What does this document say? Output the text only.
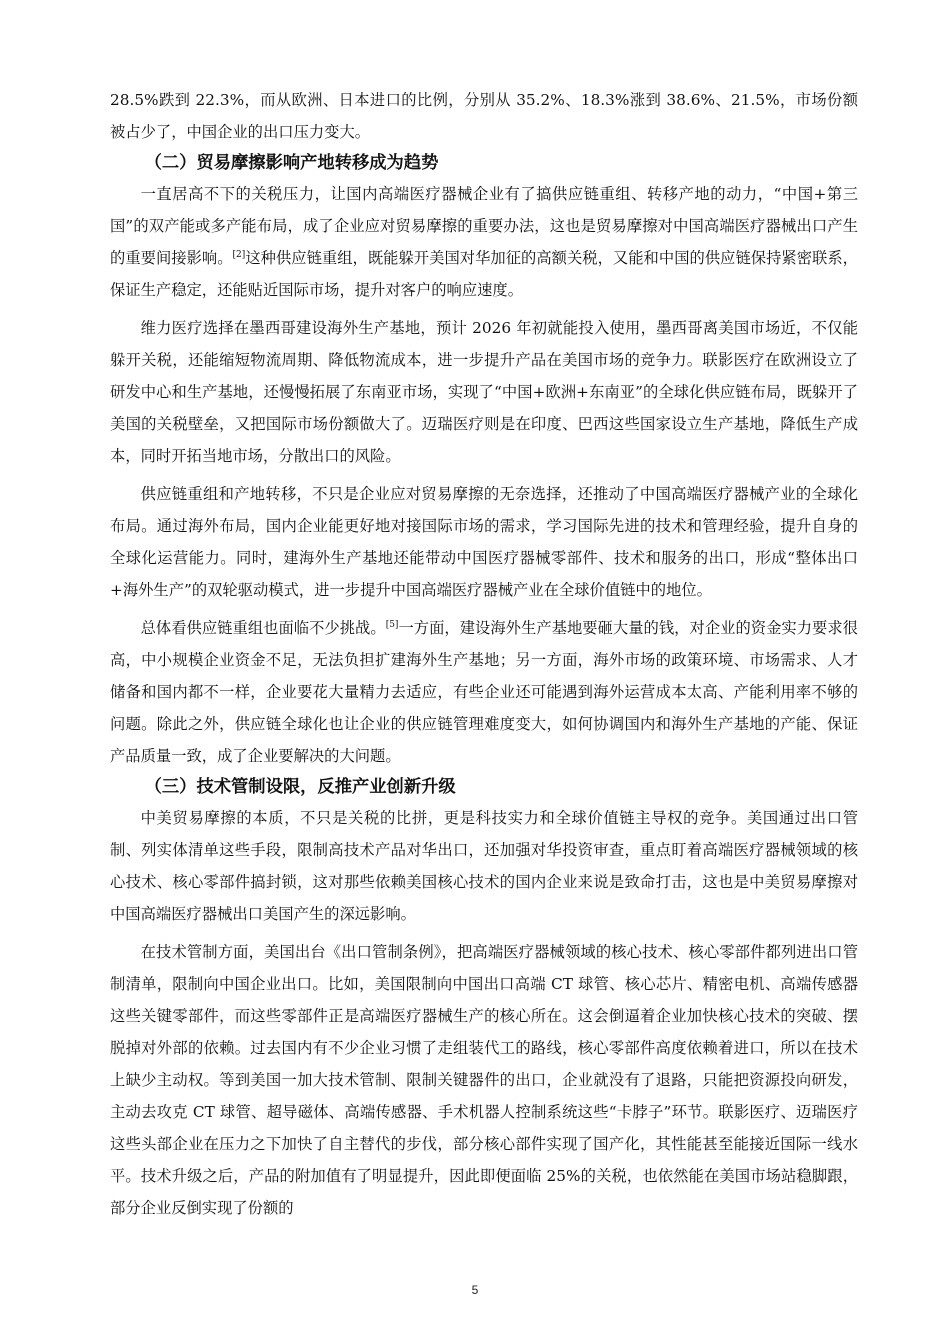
28.5%跌到 22.3%，而从欧洲、日本进口的比例，分别从 35.2%、18.3%涨到 38.6%、21.5%，市场份额被占少了，中国企业的出口压力变大。

（二）贸易摩擦影响产地转移成为趋势

一直居高不下的关税压力，让国内高端医疗器械企业有了搞供应链重组、转移产地的动力，“中国+第三国”的双产能或多产能布局，成了企业应对贸易摩擦的重要办法，这也是贸易摩擦对中国高端医疗器械出口产生的重要间接影响。[2]这种供应链重组，既能躲开美国对华加征的高额关税，又能和中国的供应链保持紧密联系，保证生产稳定，还能贴近国际市场，提升对客户的响应速度。

维力医疗选择在墨西哥建设海外生产基地，预计 2026 年初就能投入使用，墨西哥离美国市场近，不仅能躲开关税，还能缩短物流周期、降低物流成本，进一步提升产品在美国市场的竞争力。联影医疗在欧洲设立了研发中心和生产基地，还慢慢拓展了东南亚市场，实现了“中国+欧洲+东南亚”的全球化供应链布局，既躲开了美国的关税壁垒，又把国际市场份额做大了。迈瑞医疗则是在印度、巴西这些国家设立生产基地，降低生产成本，同时开拓当地市场，分散出口的风险。

供应链重组和产地转移，不只是企业应对贸易摩擦的无奈选择，还推动了中国高端医疗器械产业的全球化布局。通过海外布局，国内企业能更好地对接国际市场的需求，学习国际先进的技术和管理经验，提升自身的全球化运营能力。同时，建海外生产基地还能带动中国医疗器械零部件、技术和服务的出口，形成“整体出口+海外生产”的双轮驱动模式，进一步提升中国高端医疗器械产业在全球价值链中的地位。

总体看供应链重组也面临不少挑战。[5]一方面，建设海外生产基地要砸大量的钱，对企业的资金实力要求很高，中小规模企业资金不足，无法负担扩建海外生产基地；另一方面，海外市场的政策环境、市场需求、人才储备和国内都不一样，企业要花大量精力去适应，有些企业还可能遇到海外运营成本太高、产能利用率不够的问题。除此之外，供应链全球化也让企业的供应链管理难度变大，如何协调国内和海外生产基地的产能、保证产品质量一致，成了企业要解决的大问题。

（三）技术管制设限，反推产业创新升级

中美贸易摩擦的本质，不只是关税的比拼，更是科技实力和全球价值链主导权的竞争。美国通过出口管制、列实体清单这些手段，限制高技术产品对华出口，还加强对华投资审查，重点盯着高端医疗器械领域的核心技术、核心零部件搞封锁，这对那些依赖美国核心技术的国内企业来说是致命打击，这也是中美贸易摩擦对中国高端医疗器械出口美国产生的深远影响。

在技术管制方面，美国出台《出口管制条例》，把高端医疗器械领域的核心技术、核心零部件都列进出口管制清单，限制向中国企业出口。比如，美国限制向中国出口高端 CT 球管、核心芯片、精密电机、高端传感器这些关键零部件，而这些零部件正是高端医疗器械生产的核心所在。这会倒逼着企业加快核心技术的突破、摆脱掉对外部的依赖。过去国内有不少企业习惯了走组装代工的路线，核心零部件高度依赖着进口，所以在技术上缺少主动权。等到美国一加大技术管制、限制关键器件的出口，企业就没有了退路，只能把资源投向研发，主动去攻克 CT 球管、超导磁体、高端传感器、手术机器人控制系统这些“卡脖子”环节。联影医疗、迈瑞医疗这些头部企业在压力之下加快了自主替代的步伐，部分核心部件实现了国产化，其性能甚至能接近国际一线水平。技术升级之后，产品的附加值有了明显提升，因此即便面临 25%的关税，也依然能在美国市场站稳脚跟，部分企业反倒实现了份额的

5
